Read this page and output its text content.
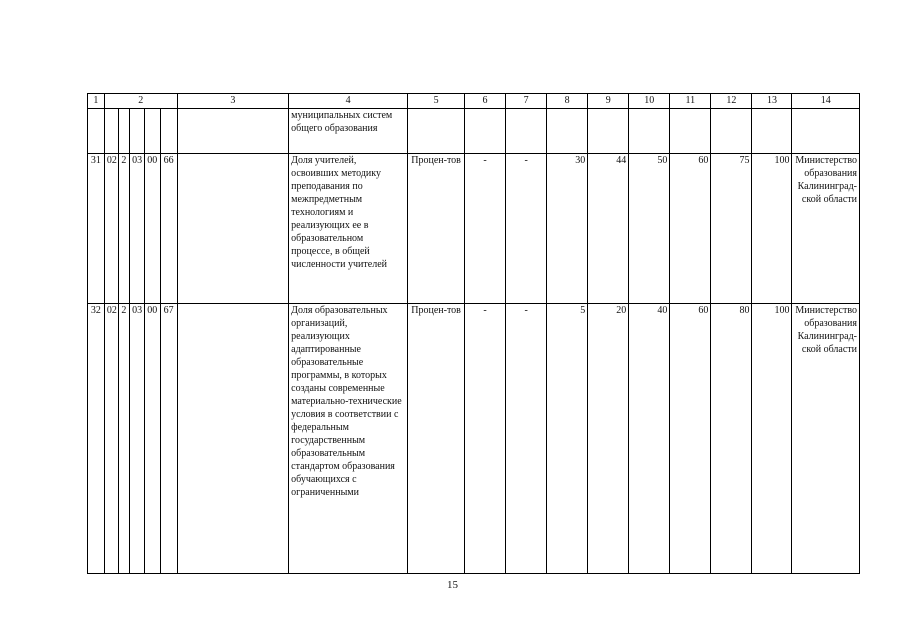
1	2					3	4	5	6	7	8	9	10	11	12	13	14
							муниципальных систем общего образования										
31	02	2	03	00	66		Доля учителей, освоивших методику преподавания по межпредметным технологиям и реализующих ее в образовательном процессе, в общей численности учителей	Процен-тов	-	-	30	44	50	60	75	100	Министерство образования Калининград-ской области
32	02	2	03	00	67		Доля образовательных организаций, реализующих адаптированные образовательные программы, в которых созданы современные материально-технические условия в соответствии с федеральным государственным образовательным стандартом образования обучающихся с ограниченными	Процен-тов	-	-	5	20	40	60	80	100	Министерство образования Калининград-ской области
15
